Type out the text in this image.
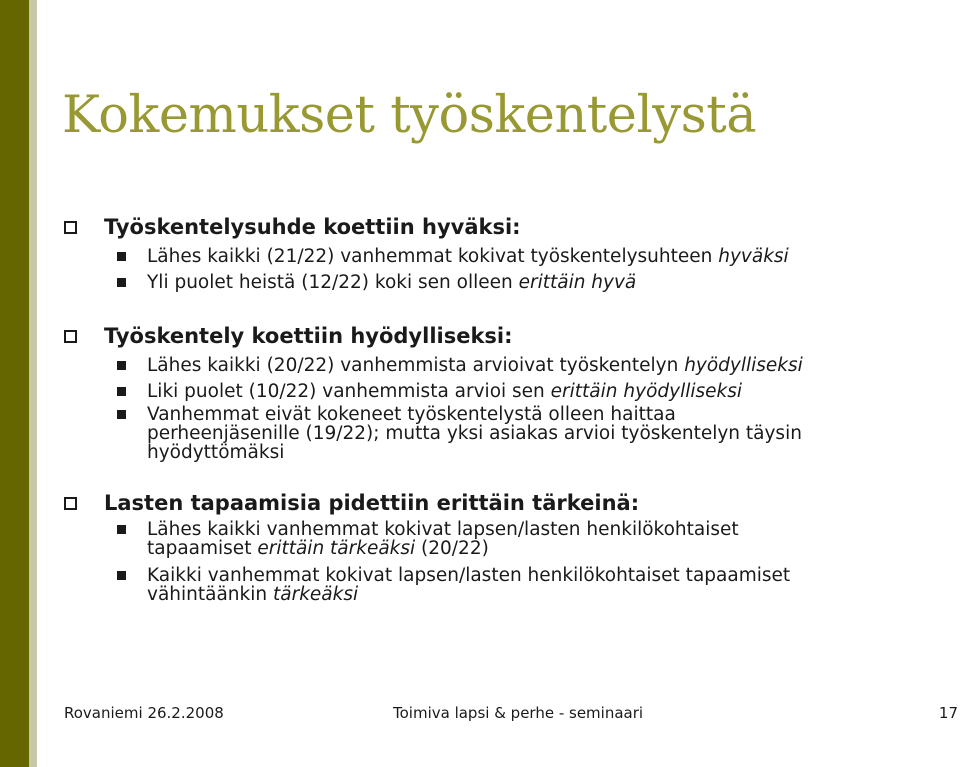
Kokemukset työskentelystä
Työskentelysuhde koettiin hyväksi:
Lähes kaikki (21/22) vanhemmat kokivat työskentelysuhteen hyväksi
Yli puolet heistä (12/22) koki sen olleen erittäin hyvä
Työskentely koettiin hyödylliseksi:
Lähes kaikki (20/22) vanhemmista arvioivat työskentelyn hyödylliseksi
Liki puolet (10/22) vanhemmista arvioi sen erittäin hyödylliseksi
Vanhemmat eivät kokeneet työskentelystä olleen haittaa
perheenjäsenille (19/22); mutta yksi asiakas arvioi työskentelyn täysin
hyödyttömäksi
Lasten tapaamisia pidettiin erittäin tärkeinä:
Lähes kaikki vanhemmat kokivat lapsen/lasten henkilökohtaiset
tapaamiset erittäin tärkeäksi (20/22)
Kaikki vanhemmat kokivat lapsen/lasten henkilökohtaiset tapaamiset
vähintäänkin tärkeäksi
Rovaniemi 26.2.2008	Toimiva lapsi & perhe - seminaari	17
